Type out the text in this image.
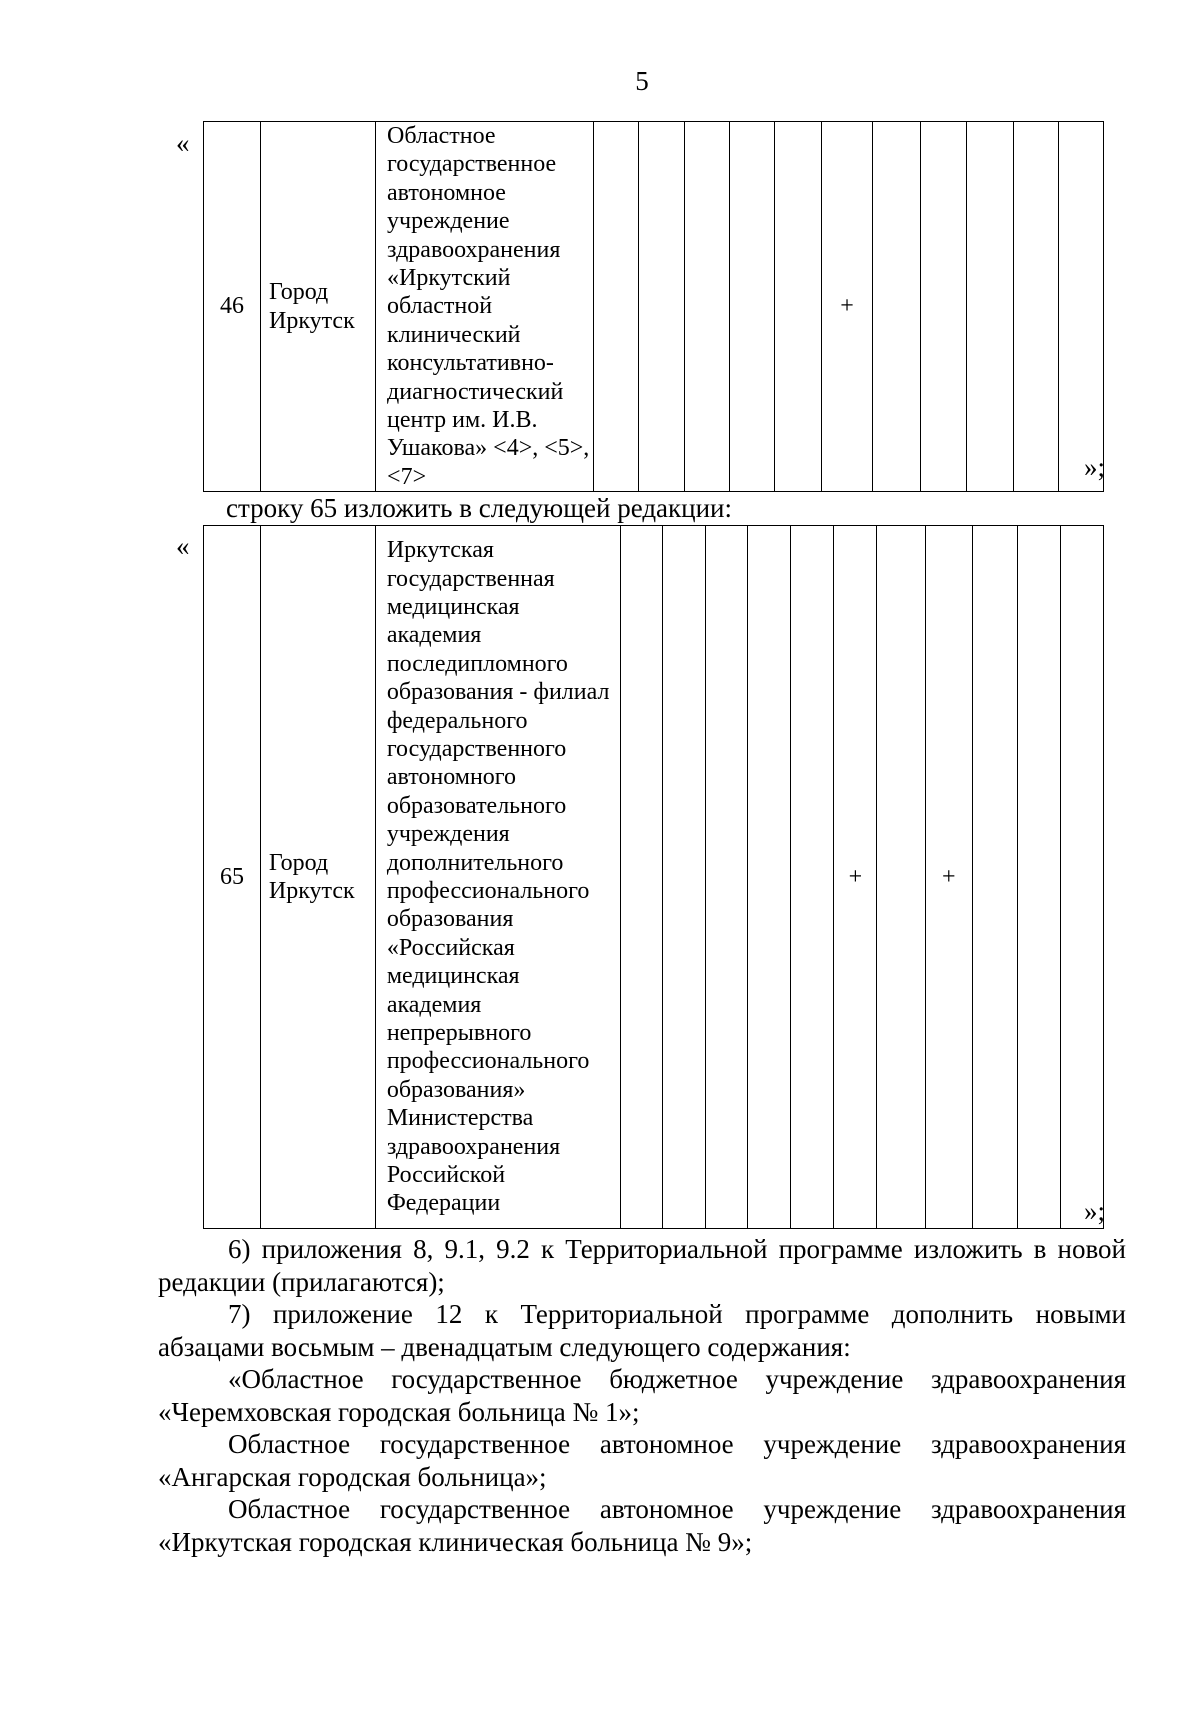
5
«
46	Город Иркутск	Областное государственное автономное учреждение здравоохранения «Иркутский областной клинический консультативно-диагностический центр им. И.В. Ушакова» <4>, <5>, <7>						+					
»;
строку 65 изложить в следующей редакции:
«
65	Город Иркутск	Иркутская государственная медицинская академия последипломного образования - филиал федерального государственного автономного образовательного учреждения дополнительного профессионального образования «Российская медицинская академия непрерывного профессионального образования» Министерства здравоохранения Российской Федерации						+		+			
»;
6) приложения 8, 9.1, 9.2 к Территориальной программе изложить в новой редакции (прилагаются);
7) приложение 12 к Территориальной программе дополнить новыми абзацами восьмым – двенадцатым следующего содержания:
«Областное государственное бюджетное учреждение здравоохранения «Черемховская городская больница № 1»;
Областное государственное автономное учреждение здравоохранения «Ангарская городская больница»;
Областное государственное автономное учреждение здравоохранения «Иркутская городская клиническая больница № 9»;
